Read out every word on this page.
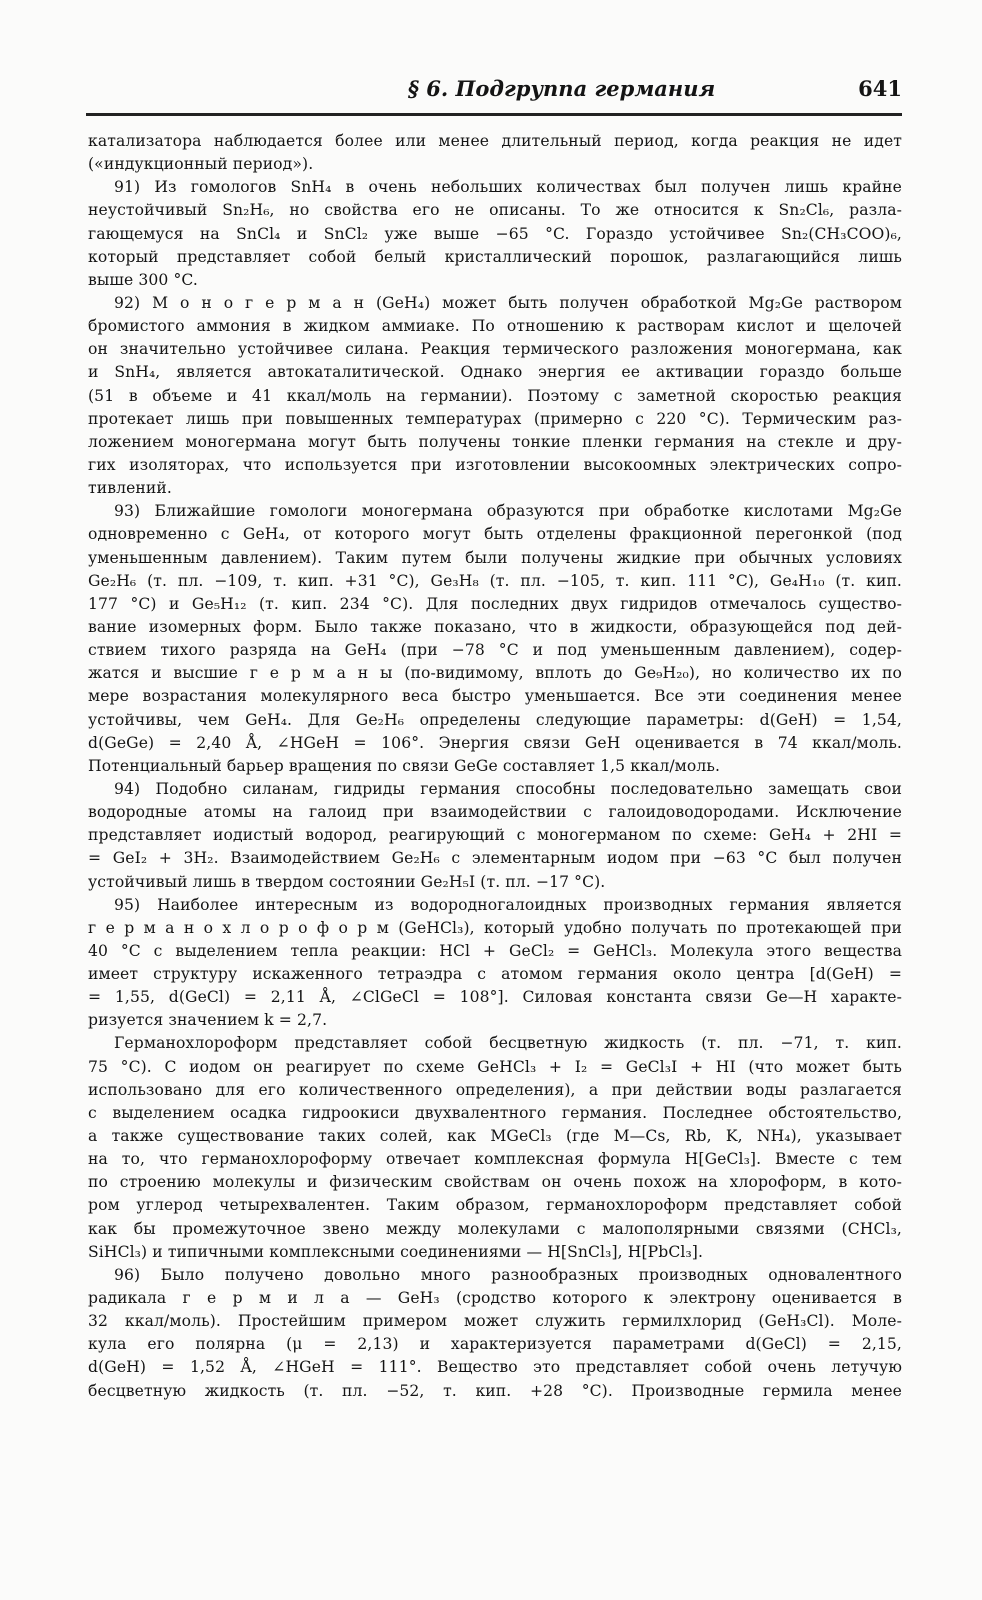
§ 6. Подгруппа германия	641
катализатора наблюдается более или менее длительный период, когда реакция не идет
(«индукционный период»).
91) Из гомологов SnH₄ в очень небольших количествах был получен лишь крайне
неустойчивый Sn₂H₆, но свойства его не описаны. То же относится к Sn₂Cl₆, разла-
гающемуся на SnCl₄ и SnCl₂ уже выше −65 °C. Гораздо устойчивее Sn₂(CH₃COO)₆,
который представляет собой белый кристаллический порошок, разлагающийся лишь
выше 300 °C.
92) М о н о г е р м а н (GeH₄) может быть получен обработкой Mg₂Ge раствором
бромистого аммония в жидком аммиаке. По отношению к растворам кислот и щелочей
он значительно устойчивее силана. Реакция термического разложения моногермана, как
и SnH₄, является автокаталитической. Однако энергия ее активации гораздо больше
(51 в объеме и 41 ккал/моль на германии). Поэтому с заметной скоростью реакция
протекает лишь при повышенных температурах (примерно с 220 °C). Термическим раз-
ложением моногермана могут быть получены тонкие пленки германия на стекле и дру-
гих изоляторах, что используется при изготовлении высокоомных электрических сопро-
тивлений.
93) Ближайшие гомологи моногермана образуются при обработке кислотами Mg₂Ge
одновременно с GeH₄, от которого могут быть отделены фракционной перегонкой (под
уменьшенным давлением). Таким путем были получены жидкие при обычных условиях
Ge₂H₆ (т. пл. −109, т. кип. +31 °C), Ge₃H₈ (т. пл. −105, т. кип. 111 °C), Ge₄H₁₀ (т. кип.
177 °C) и Ge₅H₁₂ (т. кип. 234 °C). Для последних двух гидридов отмечалось существо-
вание изомерных форм. Было также показано, что в жидкости, образующейся под дей-
ствием тихого разряда на GeH₄ (при −78 °C и под уменьшенным давлением), содер-
жатся и высшие г е р м а н ы (по-видимому, вплоть до Ge₉H₂₀), но количество их по
мере возрастания молекулярного веса быстро уменьшается. Все эти соединения менее
устойчивы, чем GeH₄. Для Ge₂H₆ определены следующие параметры: d(GeH) = 1,54,
d(GeGe) = 2,40 Å, ∠HGeH = 106°. Энергия связи GeH оценивается в 74 ккал/моль.
Потенциальный барьер вращения по связи GeGe составляет 1,5 ккал/моль.
94) Подобно силанам, гидриды германия способны последовательно замещать свои
водородные атомы на галоид при взаимодействии с галоидоводородами. Исключение
представляет иодистый водород, реагирующий с моногерманом по схеме: GeH₄ + 2HI =
= GeI₂ + 3H₂. Взаимодействием Ge₂H₆ с элементарным иодом при −63 °C был получен
устойчивый лишь в твердом состоянии Ge₂H₅I (т. пл. −17 °C).
95) Наиболее интересным из водородногалоидных производных германия является
г е р м а н о х л о р о ф о р м (GeHCl₃), который удобно получать по протекающей при
40 °C с выделением тепла реакции: HCl + GeCl₂ = GeHCl₃. Молекула этого вещества
имеет структуру искаженного тетраэдра с атомом германия около центра [d(GeH) =
= 1,55, d(GeCl) = 2,11 Å, ∠ClGeCl = 108°]. Силовая константа связи Ge—H характе-
ризуется значением k = 2,7.
Германохлороформ представляет собой бесцветную жидкость (т. пл. −71, т. кип.
75 °C). С иодом он реагирует по схеме GeHCl₃ + I₂ = GeCl₃I + HI (что может быть
использовано для его количественного определения), а при действии воды разлагается
с выделением осадка гидроокиси двухвалентного германия. Последнее обстоятельство,
а также существование таких солей, как MGeCl₃ (где M—Cs, Rb, K, NH₄), указывает
на то, что германохлороформу отвечает комплексная формула H[GeCl₃]. Вместе с тем
по строению молекулы и физическим свойствам он очень похож на хлороформ, в кото-
ром углерод четырехвалентен. Таким образом, германохлороформ представляет собой
как бы промежуточное звено между молекулами с малополярными связями (CHCl₃,
SiHCl₃) и типичными комплексными соединениями — H[SnCl₃], H[PbCl₃].
96) Было получено довольно много разнообразных производных одновалентного
радикала г е р м и л а — GeH₃ (сродство которого к электрону оценивается в
32 ккал/моль). Простейшим примером может служить гермилхлорид (GeH₃Cl). Моле-
кула его полярна (μ = 2,13) и характеризуется параметрами d(GeCl) = 2,15,
d(GeH) = 1,52 Å, ∠HGeH = 111°. Вещество это представляет собой очень летучую
бесцветную жидкость (т. пл. −52, т. кип. +28 °C). Производные гермила менее
